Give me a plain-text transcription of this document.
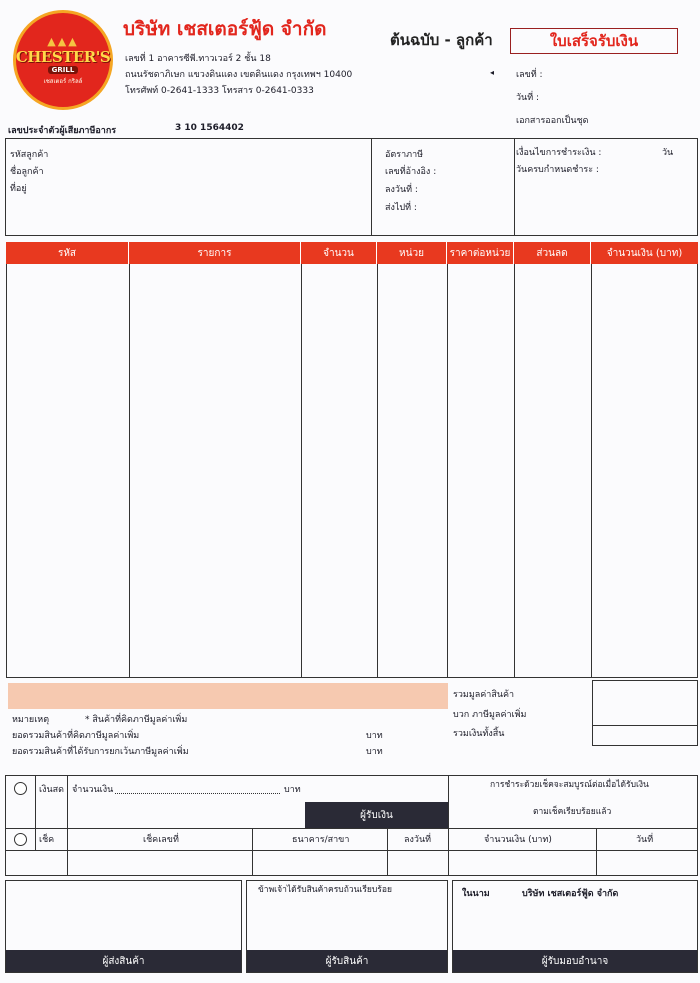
▲▲▲
CHESTER'S
GRILL
เชสเตอร์ กริลล์
บริษัท เชสเตอร์ฟู้ด จำกัด
เลขที่ 1 อาคารซีพี.ทาวเวอร์ 2 ชั้น 18
ถนนรัชดาภิเษก แขวงดินแดง เขตดินแดง กรุงเทพฯ 10400
โทรศัพท์ 0-2641-1333 โทรสาร 0-2641-0333
ต้นฉบับ - ลูกค้า	ใบเสร็จรับเงิน
◂ เลขที่ :
วันที่ :
เอกสารออกเป็นชุด
เลขประจำตัวผู้เสียภาษีอากร	3 10 1564402
รหัสลูกค้า
ชื่อลูกค้า
ที่อยู่
อัตราภาษี
เลขที่อ้างอิง :
ลงวันที่ :
ส่งไปที่ :
เงื่อนไขการชำระเงิน :	วัน
วันครบกำหนดชำระ :
รหัส	รายการ	จำนวน	หน่วย	ราคาต่อหน่วย	ส่วนลด	จำนวนเงิน (บาท)
รวมมูลค่าสินค้า
บวก ภาษีมูลค่าเพิ่ม
รวมเงินทั้งสิ้น
หมายเหตุ	* สินค้าที่คิดภาษีมูลค่าเพิ่ม
ยอดรวมสินค้าที่คิดภาษีมูลค่าเพิ่ม	บาท
ยอดรวมสินค้าที่ได้รับการยกเว้นภาษีมูลค่าเพิ่ม	บาท
เงินสด จำนวนเงิน	บาท
ผู้รับเงิน
การชำระด้วยเช็คจะสมบูรณ์ต่อเมื่อได้รับเงิน
ตามเช็คเรียบร้อยแล้ว
เช็ค	เช็คเลขที่	ธนาคาร/สาขา	ลงวันที่	จำนวนเงิน (บาท)	วันที่
ผู้ส่งสินค้า
ข้าพเจ้าได้รับสินค้าครบถ้วนเรียบร้อย
ผู้รับสินค้า
ในนาม	บริษัท เชสเตอร์ฟู้ด จำกัด
ผู้รับมอบอำนาจ
